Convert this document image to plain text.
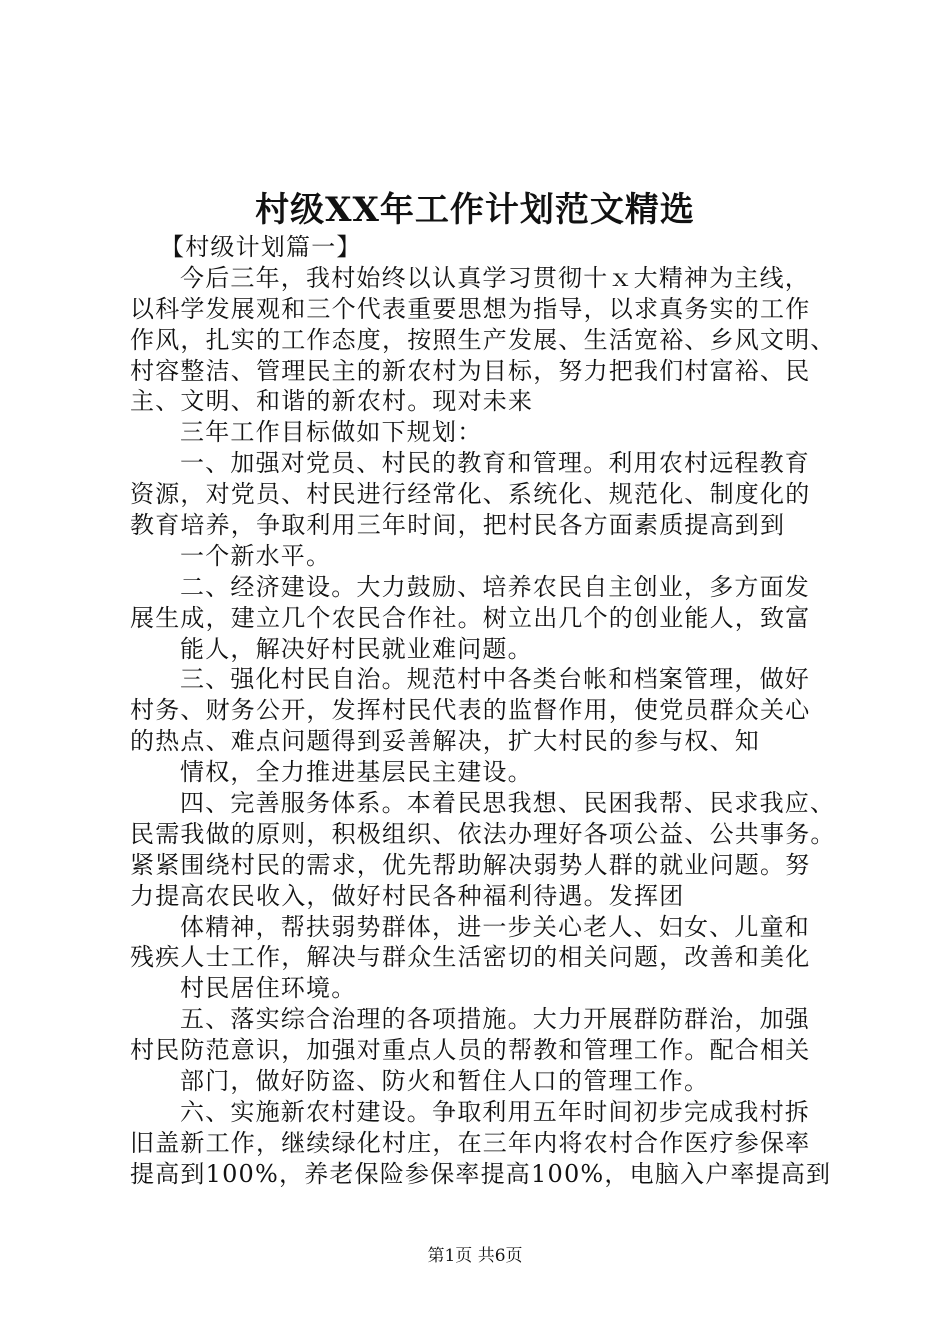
村级XX年工作计划范文精选
【村级计划篇一】
今后三年，我村始终以认真学习贯彻十ｘ大精神为主线，
以科学发展观和三个代表重要思想为指导，以求真务实的工作
作风，扎实的工作态度，按照生产发展、生活宽裕、乡风文明、
村容整洁、管理民主的新农村为目标，努力把我们村富裕、民
主、文明、和谐的新农村。现对未来
三年工作目标做如下规划：
一、加强对党员、村民的教育和管理。利用农村远程教育
资源，对党员、村民进行经常化、系统化、规范化、制度化的
教育培养，争取利用三年时间，把村民各方面素质提高到到
一个新水平。
二、经济建设。大力鼓励、培养农民自主创业，多方面发
展生成，建立几个农民合作社。树立出几个的创业能人，致富
能人，解决好村民就业难问题。
三、强化村民自治。规范村中各类台帐和档案管理，做好
村务、财务公开，发挥村民代表的监督作用，使党员群众关心
的热点、难点问题得到妥善解决，扩大村民的参与权、知
情权，全力推进基层民主建设。
四、完善服务体系。本着民思我想、民困我帮、民求我应、
民需我做的原则，积极组织、依法办理好各项公益、公共事务。
紧紧围绕村民的需求，优先帮助解决弱势人群的就业问题。努
力提高农民收入，做好村民各种福利待遇。发挥团
体精神，帮扶弱势群体，进一步关心老人、妇女、儿童和
残疾人士工作，解决与群众生活密切的相关问题，改善和美化
村民居住环境。
五、落实综合治理的各项措施。大力开展群防群治，加强
村民防范意识，加强对重点人员的帮教和管理工作。配合相关
部门，做好防盗、防火和暂住人口的管理工作。
六、实施新农村建设。争取利用五年时间初步完成我村拆
旧盖新工作，继续绿化村庄，在三年内将农村合作医疗参保率
提高到100%，养老保险参保率提高100%，电脑入户率提高到
第1页 共6页
